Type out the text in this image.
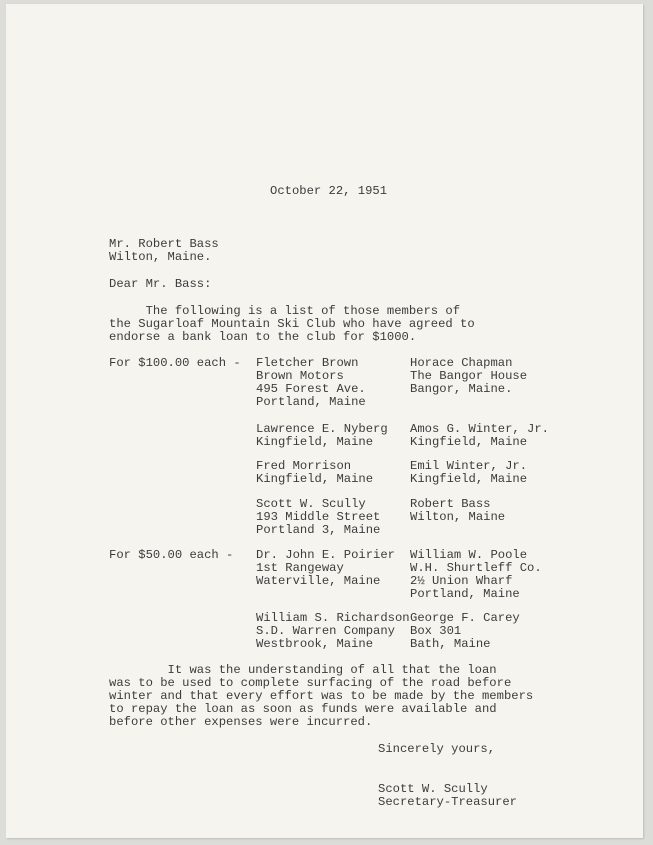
October 22, 1951
Mr. Robert Bass
Wilton, Maine.
Dear Mr. Bass:
The following is a list of those members of
the Sugarloaf Mountain Ski Club who have agreed to
endorse a bank loan to the club for $1000.
For $100.00 each - Fletcher Brown
Brown Motors
495 Forest Ave.
Portland, Maine
Horace Chapman
The Bangor House
Bangor, Maine.
Lawrence E. Nyberg
Kingfield, Maine
Amos G. Winter, Jr.
Kingfield, Maine
Fred Morrison
Kingfield, Maine
Emil Winter, Jr.
Kingfield, Maine
Scott W. Scully
193 Middle Street
Portland 3, Maine
Robert Bass
Wilton, Maine
For $50.00 each - Dr. John E. Poirier
1st Rangeway
Waterville, Maine
William W. Poole
W.H. Shurtleff Co.
2½ Union Wharf
Portland, Maine
William S. Richardson
S.D. Warren Company
Westbrook, Maine
George F. Carey
Box 301
Bath, Maine
It was the understanding of all that the loan
was to be used to complete surfacing of the road before
winter and that every effort was to be made by the members
to repay the loan as soon as funds were available and
before other expenses were incurred.
Sincerely yours,
Scott W. Scully
Secretary-Treasurer
